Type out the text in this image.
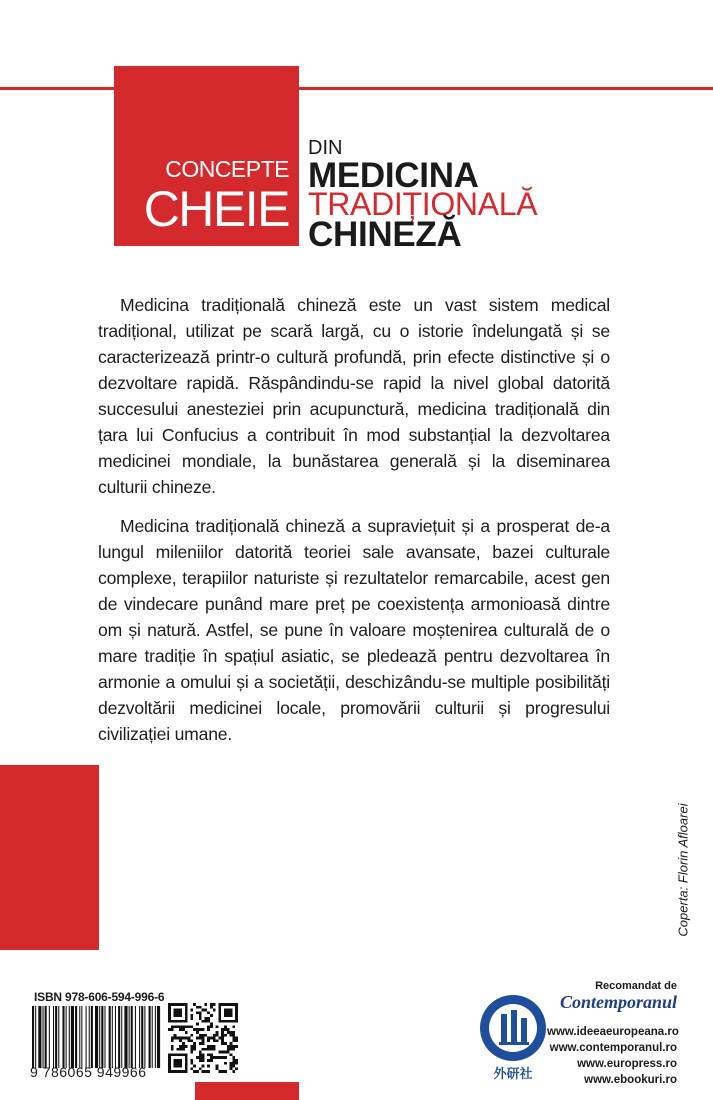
CONCEPTE
CHEIE
DIN
MEDICINA
TRADIȚIONALĂ
CHINEZĂ

Medicina tradițională chineză este un vast sistem medical tradițional, utilizat pe scară largă, cu o istorie îndelungată și se caracterizează printr-o cultură profundă, prin efecte distinctive și o dezvoltare rapidă. Răspândindu-se rapid la nivel global datorită succesului anesteziei prin acupunctură, medicina tradițională din țara lui Confucius a contribuit în mod substanțial la dezvoltarea medicinei mondiale, la bunăstarea generală și la diseminarea culturii chineze.

Medicina tradițională chineză a supraviețuit și a prosperat de-a lungul mileniilor datorită teoriei sale avansate, bazei culturale complexe, terapiilor naturiste și rezultatelor remarcabile, acest gen de vindecare punând mare preț pe coexistența armonioasă dintre om și natură. Astfel, se pune în valoare moștenirea culturală de o mare tradiție în spațiul asiatic, se pledează pentru dezvoltarea în armonie a omului și a societății, deschizându-se multiple posibilități dezvoltării medicinei locale, promovării culturii și progresului civilizației umane.

Coperta: Florin Afloarei
ISBN 978-606-594-996-6
9 786065 949966	外研社
Recomandat de
Contemporanul
www.ideeaeuropeana.ro
www.contemporanul.ro
www.europress.ro
www.ebookuri.ro
